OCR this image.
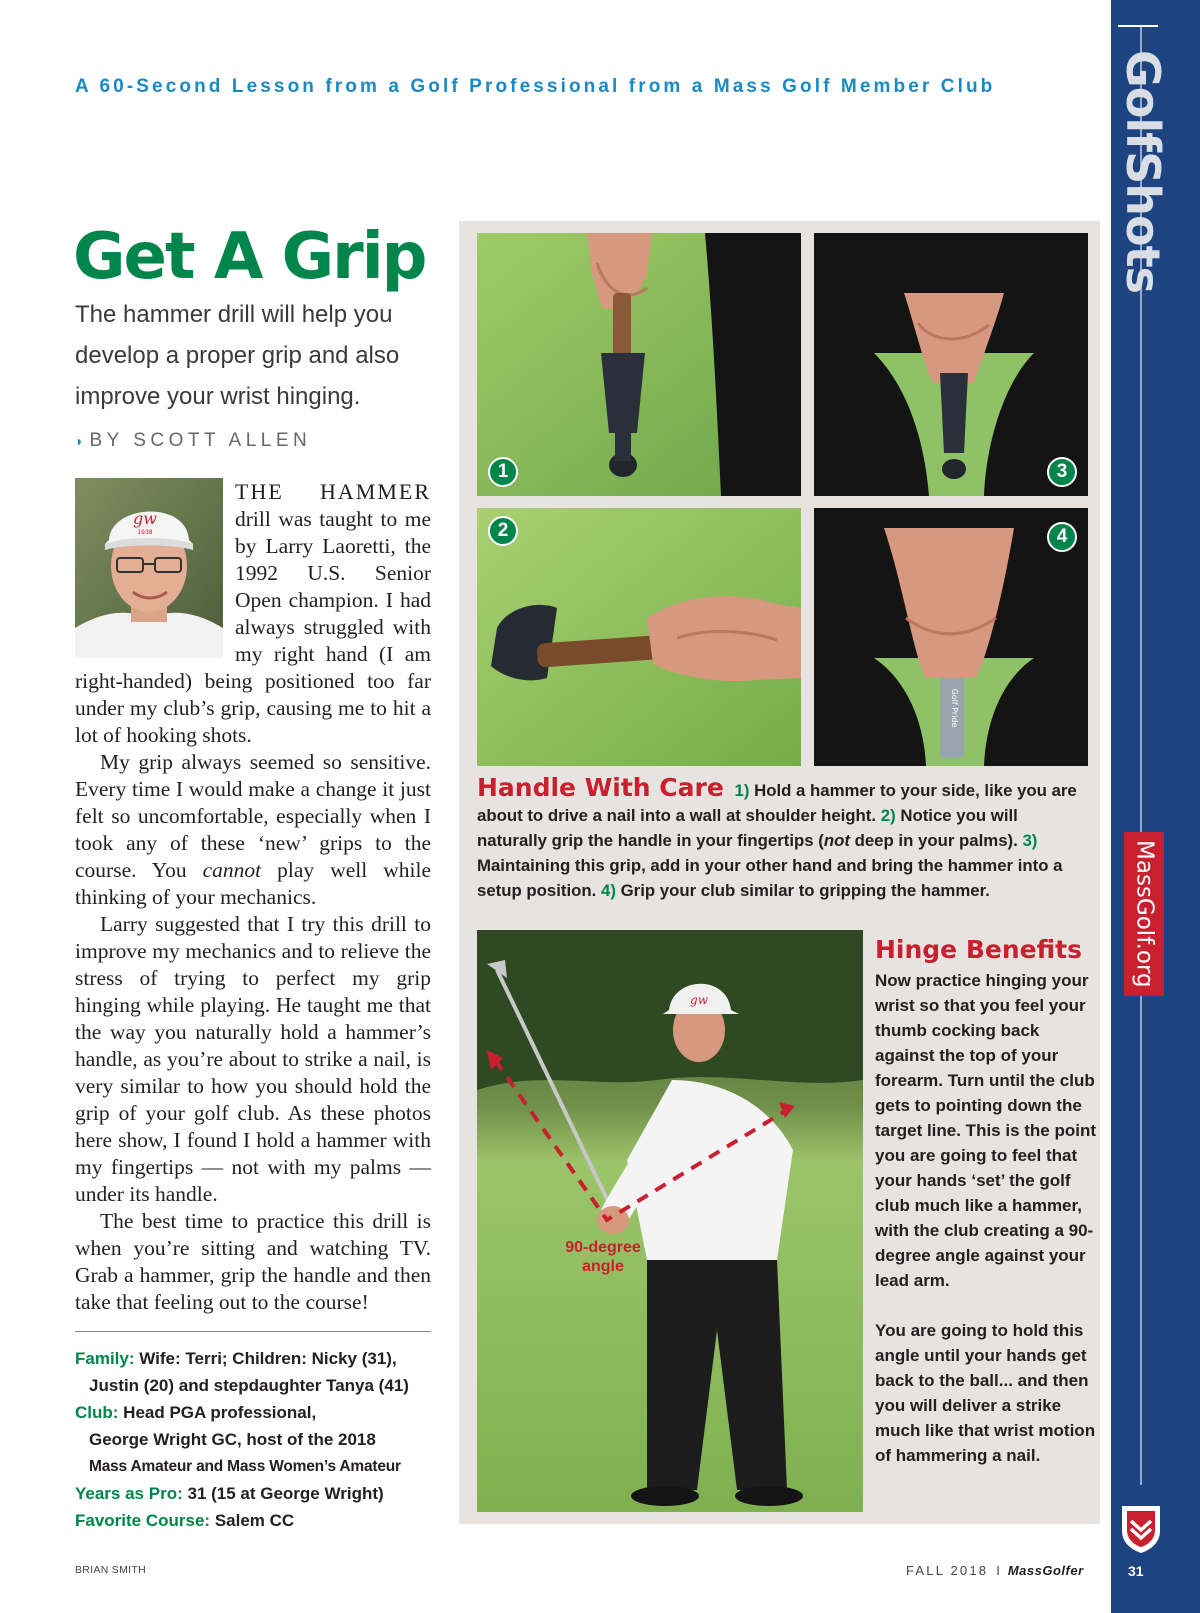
GolfShots
MassGolf.org
31
A 60-Second Lesson from a Golf Professional from a Mass Golf Member Club
Get A Grip
The hammer drill will help you develop a proper grip and also improve your wrist hinging.
◗ BY SCOTT ALLEN
gw
1938

THE HAMMER drill was taught to me by Larry Laoretti, the 1992 U.S. Senior Open champion. I had always struggled with my right hand (I am right-handed) being positioned too far under my club’s grip, causing me to hit a lot of hooking shots.

My grip always seemed so sensitive. Every time I would make a change it just felt so uncomfortable, especially when I took any of these ‘new’ grips to the course. You cannot play well while thinking of your mechanics.

Larry suggested that I try this drill to improve my mechanics and to relieve the stress of trying to perfect my grip hinging while playing. He taught me that the way you naturally hold a hammer’s handle, as you’re about to strike a nail, is very similar to how you should hold the grip of your golf club. As these photos here show, I found I hold a hammer with my fingertips — not with my palms — under its handle.

The best time to practice this drill is when you’re sitting and watching TV. Grab a hammer, grip the handle and then take that feeling out to the course!

Family: Wife: Terri; Children: Nicky (31),
Justin (20) and stepdaughter Tanya (41)
Club: Head PGA professional,
George Wright GC, host of the 2018
Mass Amateur and Mass Women’s Amateur
Years as Pro: 31 (15 at George Wright)
Favorite Course: Salem CC
1	3
2
Golf Pride
4
Handle With Care 1) Hold a hammer to your side, like you are about to drive a nail into a wall at shoulder height. 2) Notice you will naturally grip the handle in your fingertips (not deep in your palms). 3) Maintaining this grip, add in your other hand and bring the hammer into a setup position. 4) Grip your club similar to gripping the hammer.
gw
90-degree
angle
Hinge Benefits

Now practice hinging your wrist so that you feel your thumb cocking back against the top of your forearm. Turn until the club gets to pointing down the target line. This is the point you are going to feel that your hands ‘set’ the golf club much like a hammer, with the club creating a 90-degree angle against your lead arm.

You are going to hold this angle until your hands get back to the ball... and then you will deliver a strike much like that wrist motion of hammering a nail.

BRIAN SMITH	FALL 2018 I MassGolfer
